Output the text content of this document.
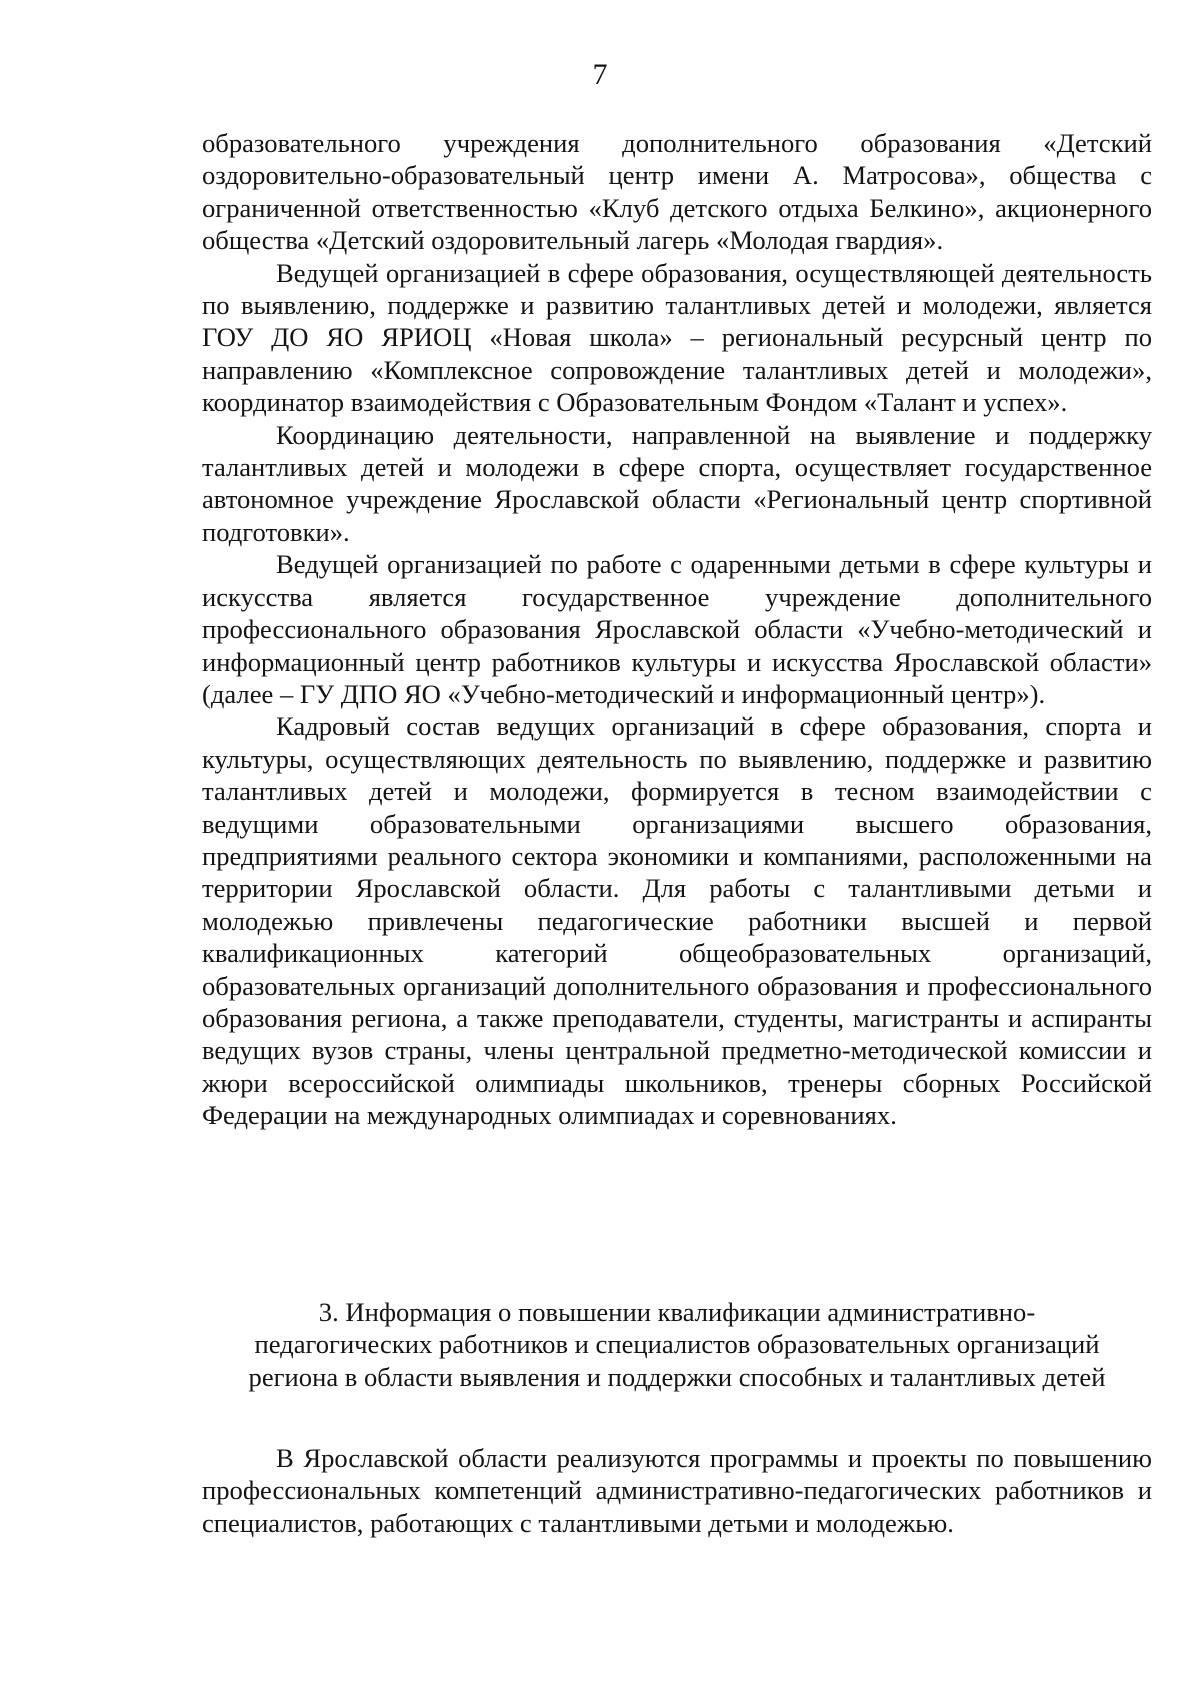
7

образовательного учреждения дополнительного образования «Детский оздоровительно-образовательный центр имени А. Матросова», общества с ограниченной ответственностью «Клуб детского отдыха Белкино», акционерного общества «Детский оздоровительный лагерь «Молодая гвардия».

Ведущей организацией в сфере образования, осуществляющей деятельность по выявлению, поддержке и развитию талантливых детей и молодежи, является ГОУ ДО ЯО ЯРИОЦ «Новая школа» – региональный ресурсный центр по направлению «Комплексное сопровождение талантливых детей и молодежи», координатор взаимодействия с Образовательным Фондом «Талант и успех».

Координацию деятельности, направленной на выявление и поддержку талантливых детей и молодежи в сфере спорта, осуществляет государственное автономное учреждение Ярославской области «Региональный центр спортивной подготовки».

Ведущей организацией по работе с одаренными детьми в сфере культуры и искусства является государственное учреждение дополнительного профессионального образования Ярославской области «Учебно-методический и информационный центр работников культуры и искусства Ярославской области» (далее – ГУ ДПО ЯО «Учебно-методический и информационный центр»).

Кадровый состав ведущих организаций в сфере образования, спорта и культуры, осуществляющих деятельность по выявлению, поддержке и развитию талантливых детей и молодежи, формируется в тесном взаимодействии с ведущими образовательными организациями высшего образования, предприятиями реального сектора экономики и компаниями, расположенными на территории Ярославской области. Для работы с талантливыми детьми и молодежью привлечены педагогические работники высшей и первой квалификационных категорий общеобразовательных организаций, образовательных организаций дополнительного образования и профессионального образования региона, а также преподаватели, студенты, магистранты и аспиранты ведущих вузов страны, члены центральной предметно-методической комиссии и жюри всероссийской олимпиады школьников, тренеры сборных Российской Федерации на международных олимпиадах и соревнованиях.

3. Информация о повышении квалификации административно-
педагогических работников и специалистов образовательных организаций
региона в области выявления и поддержки способных и талантливых детей

В Ярославской области реализуются программы и проекты по повышению профессиональных компетенций административно-педагогических работников и специалистов, работающих с талантливыми детьми и молодежью.
